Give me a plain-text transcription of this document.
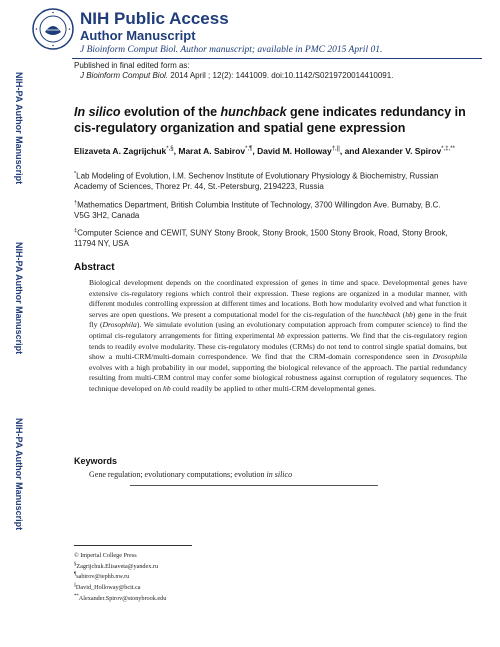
NIH Public Access
Author Manuscript
J Bioinform Comput Biol. Author manuscript; available in PMC 2015 April 01.
NIH-PA Author Manuscript
NIH-PA Author Manuscript
NIH-PA Author Manuscript
Published in final edited form as:
J Bioinform Comput Biol. 2014 April ; 12(2): 1441009. doi:10.1142/S0219720014410091.
In silico evolution of the hunchback gene indicates redundancy in cis-regulatory organization and spatial gene expression
Elizaveta A. Zagrijchuk*,§, Marat A. Sabirov*,¶, David M. Holloway†,||, and Alexander V. Spirov*,‡,**
*Lab Modeling of Evolution, I.M. Sechenov Institute of Evolutionary Physiology & Biochemistry, Russian Academy of Sciences, Thorez Pr. 44, St.-Petersburg, 2194223, Russia
†Mathematics Department, British Columbia Institute of Technology, 3700 Willingdon Ave. Burnaby, B.C. V5G 3H2, Canada
‡Computer Science and CEWIT, SUNY Stony Brook, Stony Brook, 1500 Stony Brook, Road, Stony Brook, 11794 NY, USA
Abstract
Biological development depends on the coordinated expression of genes in time and space. Developmental genes have extensive cis-regulatory regions which control their expression. These regions are organized in a modular manner, with different modules controlling expression at different times and locations. Both how modularity evolved and what function it serves are open questions. We present a computational model for the cis-regulation of the hunchback (hb) gene in the fruit fly (Drosophila). We simulate evolution (using an evolutionary computation approach from computer science) to find the optimal cis-regulatory arrangements for fitting experimental hb expression patterns. We find that the cis-regulatory region tends to readily evolve modularity. These cis-regulatory modules (CRMs) do not tend to control single spatial domains, but show a multi-CRM/multi-domain correspondence. We find that the CRM-domain correspondence seen in Drosophila evolves with a high probability in our model, supporting the biological relevance of the approach. The partial redundancy resulting from multi-CRM control may confer some biological robustness against corruption of regulatory sequences. The technique developed on hb could readily be applied to other multi-CRM developmental genes.
Keywords
Gene regulation; evolutionary computations; evolution in silico
© Imperial College Press
§Zagrijchuk.Elisaveta@yandex.ru
¶sabirov@iephb.nw.ru
||David_Holloway@bcit.ca
**Alexander.Spirov@stonybrook.edu
